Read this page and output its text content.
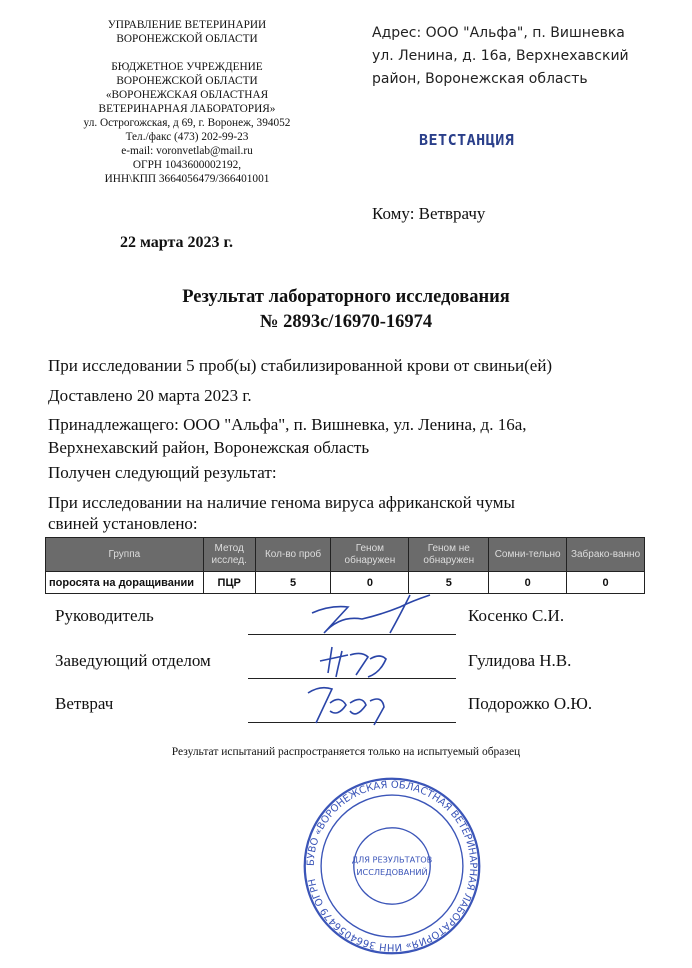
УПРАВЛЕНИЕ ВЕТЕРИНАРИИ
ВОРОНЕЖСКОЙ ОБЛАСТИ
БЮДЖЕТНОЕ УЧРЕЖДЕНИЕ
ВОРОНЕЖСКОЙ ОБЛАСТИ
«ВОРОНЕЖСКАЯ ОБЛАСТНАЯ
ВЕТЕРИНАРНАЯ ЛАБОРАТОРИЯ»
ул. Острогожская, д 69, г. Воронеж, 394052
Тел./факс (473) 202-99-23
e-mail: voronvetlab@mail.ru
ОГРН 1043600002192,
ИНН\КПП 3664056479/366401001
Адрес: ООО "Альфа", п. Вишневка
ул. Ленина, д. 16а, Верхнехавский
район, Воронежская область
ВЕТСТАНЦИЯ
Кому: Ветврачу
22 марта 2023 г.
Результат лабораторного исследования
№ 2893с/16970-16974
При исследовании 5 проб(ы) стабилизированной крови от свиньи(ей)
Доставлено 20 марта 2023 г.
Принадлежащего: ООО "Альфа", п. Вишневка, ул. Ленина, д. 16а,
Верхнехавский район, Воронежская область
Получен следующий результат:
При исследовании на наличие генома вируса африканской чумы
свиней установлено:
Группа	Метод исслед.	Кол-во проб	Геном обнаружен	Геном не обнаружен	Сомни-тельно	Забрако-ванно
поросята на доращивании	ПЦР	5	0	5	0	0
Руководитель	Косенко С.И.
Заведующий отделом	Гулидова Н.В.
Ветврач	Подорожко О.Ю.
Результат испытаний распространяется только на испытуемый образец
БУВО «ВОРОНЕЖСКАЯ ОБЛАСТНАЯ ВЕТЕРИНАРНАЯ ЛАБОРАТОРИЯ» ИНН 3664056479 ОГРН
ДЛЯ РЕЗУЛЬТАТОВ
ИССЛЕДОВАНИЙ
